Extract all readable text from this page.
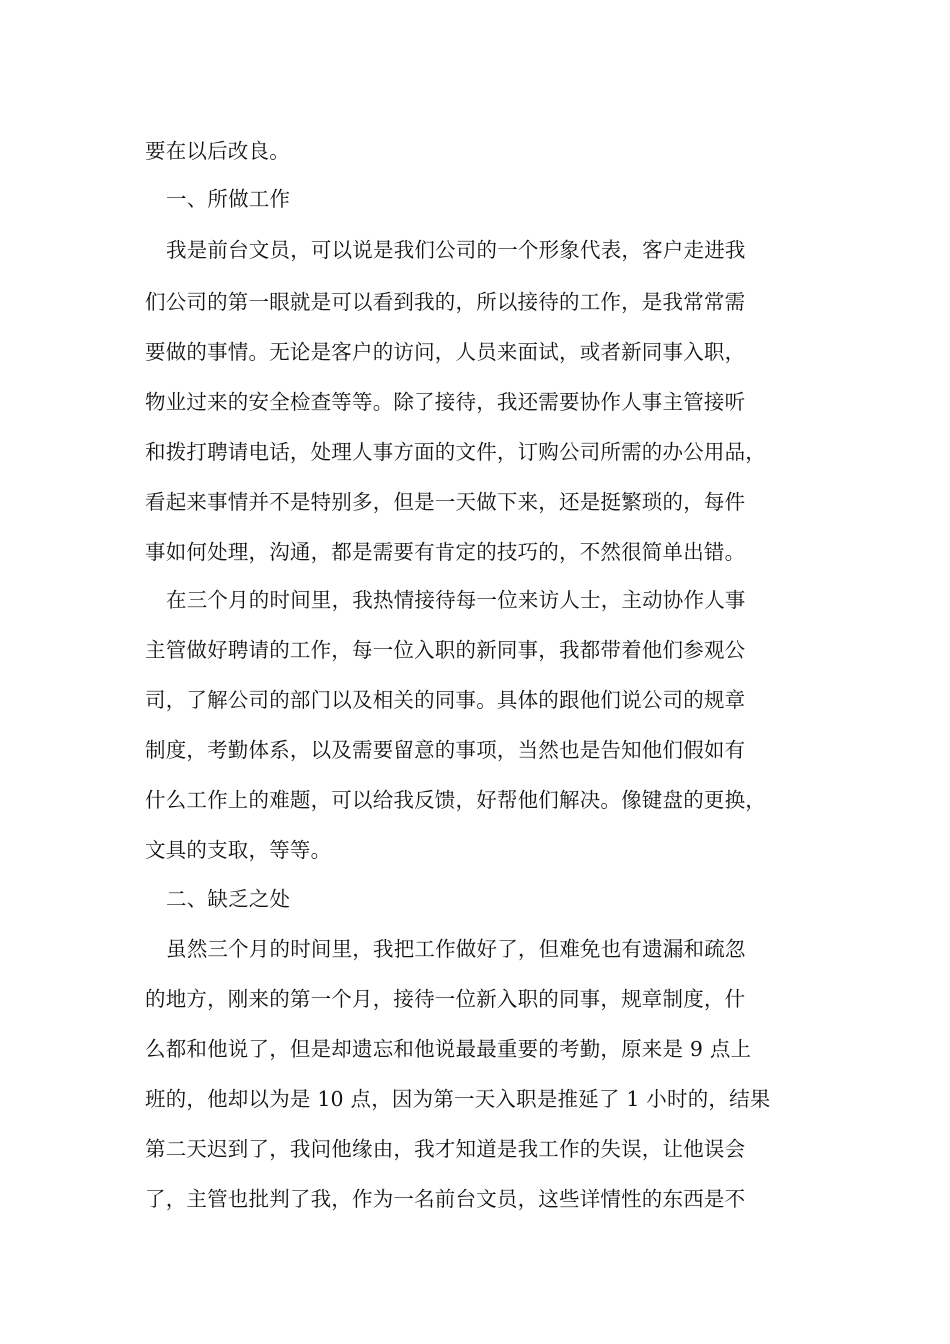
要在以后改良。
一、所做工作
我是前台文员，可以说是我们公司的一个形象代表，客户走进我
们公司的第一眼就是可以看到我的，所以接待的工作，是我常常需
要做的事情。无论是客户的访问，人员来面试，或者新同事入职，
物业过来的安全检查等等。除了接待，我还需要协作人事主管接听
和拨打聘请电话，处理人事方面的文件，订购公司所需的办公用品，
看起来事情并不是特别多，但是一天做下来，还是挺繁琐的，每件
事如何处理，沟通，都是需要有肯定的技巧的，不然很简单出错。
在三个月的时间里，我热情接待每一位来访人士，主动协作人事
主管做好聘请的工作，每一位入职的新同事，我都带着他们参观公
司，了解公司的部门以及相关的同事。具体的跟他们说公司的规章
制度，考勤体系，以及需要留意的事项，当然也是告知他们假如有
什么工作上的难题，可以给我反馈，好帮他们解决。像键盘的更换，
文具的支取，等等。
二、缺乏之处
虽然三个月的时间里，我把工作做好了，但难免也有遗漏和疏忽
的地方，刚来的第一个月，接待一位新入职的同事，规章制度，什
么都和他说了，但是却遗忘和他说最最重要的考勤，原来是 9 点上
班的，他却以为是 10 点，因为第一天入职是推延了 1 小时的，结果
第二天迟到了，我问他缘由，我才知道是我工作的失误，让他误会
了，主管也批判了我，作为一名前台文员，这些详情性的东西是不
